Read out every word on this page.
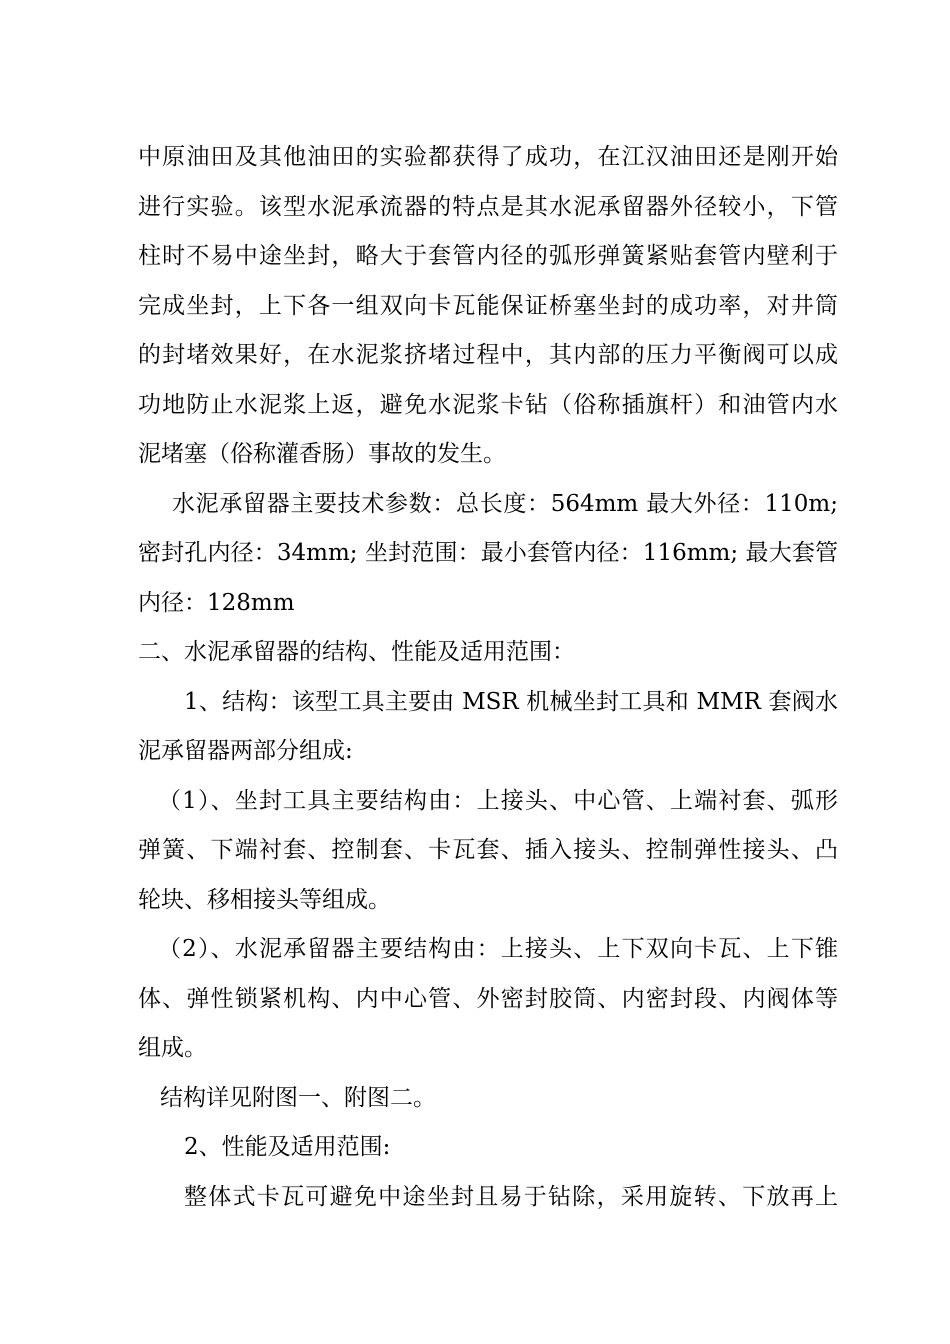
中原油田及其他油田的实验都获得了成功，在江汉油田还是刚开始
进行实验。该型水泥承流器的特点是其水泥承留器外径较小，下管
柱时不易中途坐封，略大于套管内径的弧形弹簧紧贴套管内壁利于
完成坐封，上下各一组双向卡瓦能保证桥塞坐封的成功率，对井筒
的封堵效果好，在水泥浆挤堵过程中，其内部的压力平衡阀可以成
功地防止水泥浆上返，避免水泥浆卡钻（俗称插旗杆）和油管内水
泥堵塞（俗称灌香肠）事故的发生。
水泥承留器主要技术参数：总长度：564mm 最大外径：110m;
密封孔内径：34mm; 坐封范围：最小套管内径：116mm; 最大套管
内径：128mm
二、水泥承留器的结构、性能及适用范围：
1、结构：该型工具主要由 MSR 机械坐封工具和 MMR 套阀水
泥承留器两部分组成:
（1）、坐封工具主要结构由：上接头、中心管、上端衬套、弧形
弹簧、下端衬套、控制套、卡瓦套、插入接头、控制弹性接头、凸
轮块、移相接头等组成。
（2）、水泥承留器主要结构由：上接头、上下双向卡瓦、上下锥
体、弹性锁紧机构、内中心管、外密封胶筒、内密封段、内阀体等
组成。
结构详见附图一、附图二。
2、性能及适用范围:
整体式卡瓦可避免中途坐封且易于钻除，采用旋转、下放再上
